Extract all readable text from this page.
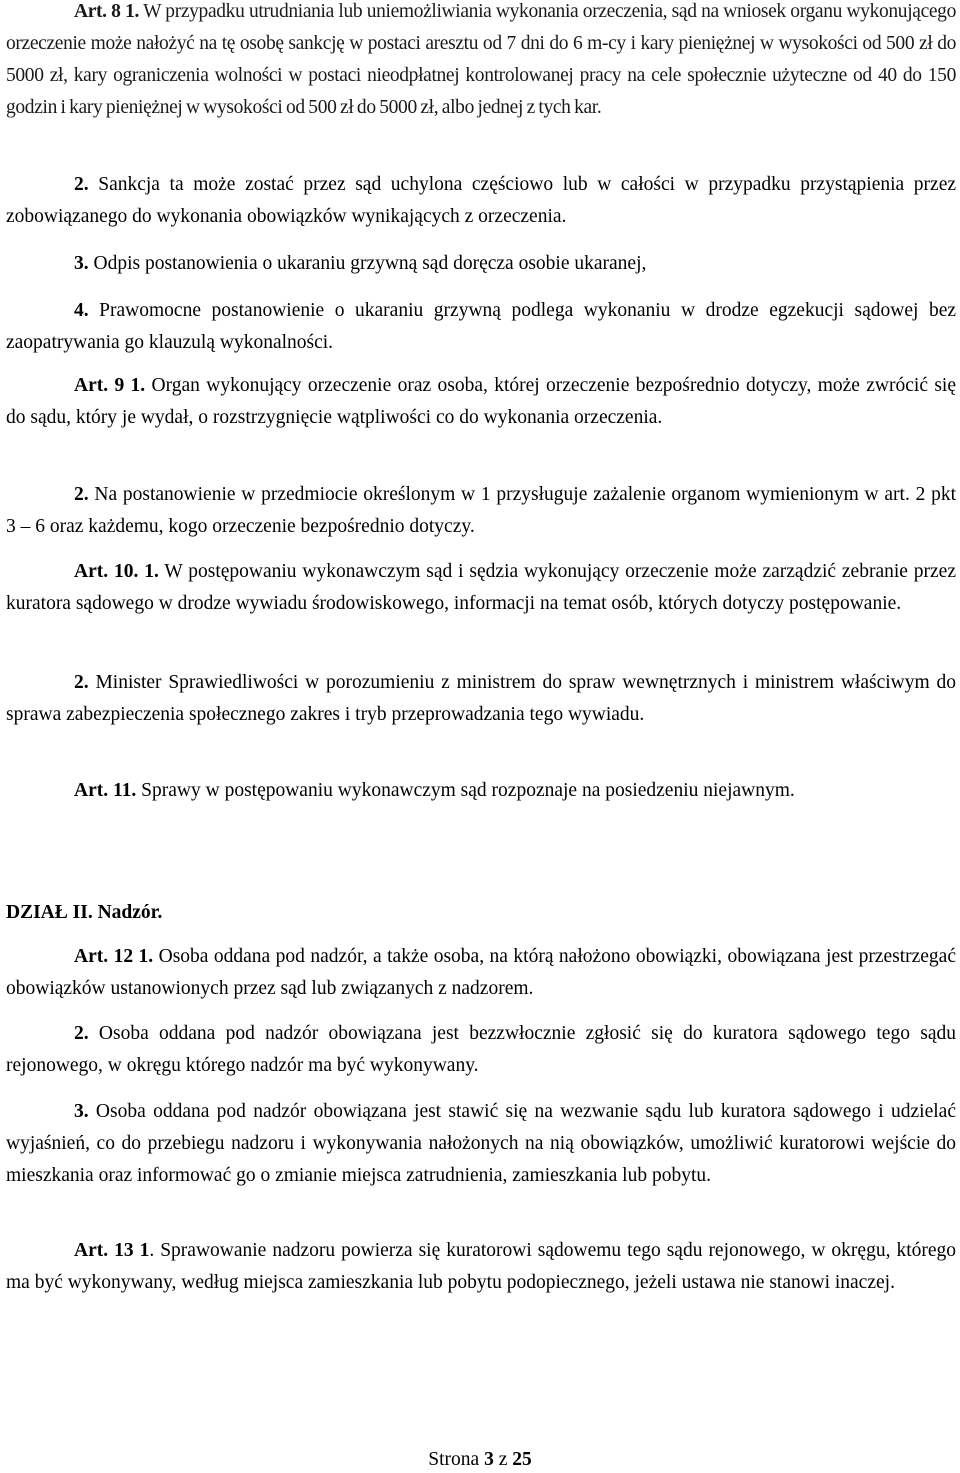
Art. 8 1. W przypadku utrudniania lub uniemożliwiania wykonania orzeczenia, sąd na wniosek organu wykonującego orzeczenie może nałożyć na tę osobę sankcję w postaci aresztu od 7 dni do 6 m-cy i kary pieniężnej w wysokości od 500 zł do 5000 zł, kary ograniczenia wolności w postaci nieodpłatnej kontrolowanej pracy na cele społecznie użyteczne od 40 do 150 godzin i kary pieniężnej w wysokości od 500 zł do 5000 zł, albo jednej z tych kar.

2. Sankcja ta może zostać przez sąd uchylona częściowo lub w całości w przypadku przystąpienia przez zobowiązanego do wykonania obowiązków wynikających z orzeczenia.

3. Odpis postanowienia o ukaraniu grzywną sąd doręcza osobie ukaranej,

4. Prawomocne postanowienie o ukaraniu grzywną podlega wykonaniu w drodze egzekucji sądowej bez zaopatrywania go klauzulą wykonalności.

Art. 9 1. Organ wykonujący orzeczenie oraz osoba, której orzeczenie bezpośrednio dotyczy, może zwrócić się do sądu, który je wydał, o rozstrzygnięcie wątpliwości co do wykonania orzeczenia.

2. Na postanowienie w przedmiocie określonym w 1 przysługuje zażalenie organom wymienionym w art. 2 pkt 3 – 6 oraz każdemu, kogo orzeczenie bezpośrednio dotyczy.

Art. 10. 1. W postępowaniu wykonawczym sąd i sędzia wykonujący orzeczenie może zarządzić zebranie przez kuratora sądowego w drodze wywiadu środowiskowego, informacji na temat osób, których dotyczy postępowanie.

2. Minister Sprawiedliwości w porozumieniu z ministrem do spraw wewnętrznych i ministrem właściwym do sprawa zabezpieczenia społecznego zakres i tryb przeprowadzania tego wywiadu.

Art. 11. Sprawy w postępowaniu wykonawczym sąd rozpoznaje na posiedzeniu niejawnym.

DZIAŁ II. Nadzór.

Art. 12 1. Osoba oddana pod nadzór, a także osoba, na którą nałożono obowiązki, obowiązana jest przestrzegać obowiązków ustanowionych przez sąd lub związanych z nadzorem.

2. Osoba oddana pod nadzór obowiązana jest bezzwłocznie zgłosić się do kuratora sądowego tego sądu rejonowego, w okręgu którego nadzór ma być wykonywany.

3. Osoba oddana pod nadzór obowiązana jest stawić się na wezwanie sądu lub kuratora sądowego i udzielać wyjaśnień, co do przebiegu nadzoru i wykonywania nałożonych na nią obowiązków, umożliwić kuratorowi wejście do mieszkania oraz informować go o zmianie miejsca zatrudnienia, zamieszkania lub pobytu.

Art. 13 1. Sprawowanie nadzoru powierza się kuratorowi sądowemu tego sądu rejonowego, w okręgu, którego ma być wykonywany, według miejsca zamieszkania lub pobytu podopiecznego, jeżeli ustawa nie stanowi inaczej.

Strona 3 z 25
